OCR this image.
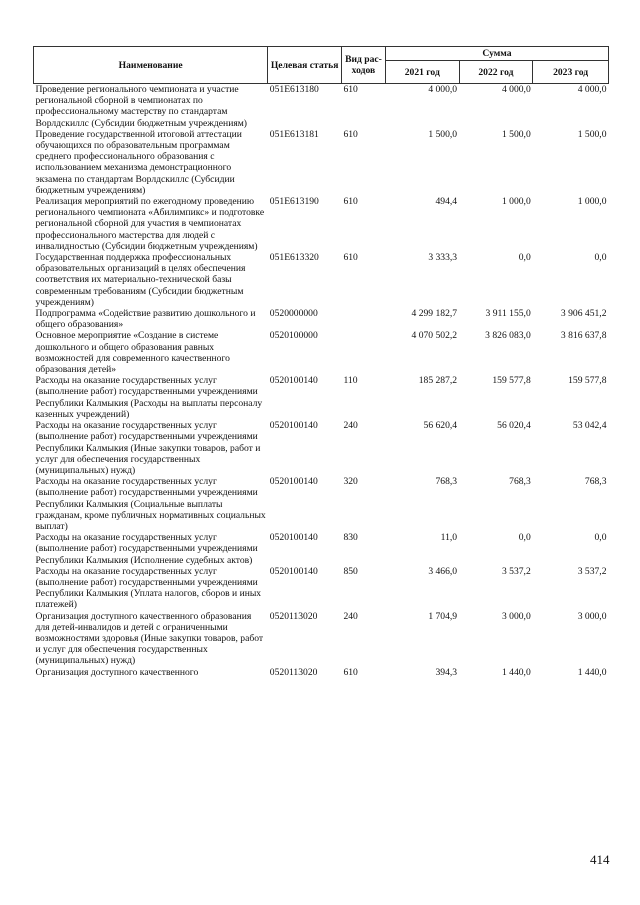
Наименование	Целевая статья	Вид рас-ходов	Сумма		
			2021 год	2022 год	2023 год
Проведение регионального чемпионата и участие региональной сборной в чемпионатах по профессиональному мастерству по стандартам Ворлдскиллс (Субсидии бюджетным учреждениям)	051E613180	610	4 000,0	4 000,0	4 000,0
Проведение государственной итоговой аттестации обучающихся по образовательным программам среднего профессионального образования с использованием механизма демонстрационного экзамена по стандартам Ворлдскиллс (Субсидии бюджетным учреждениям)	051E613181	610	1 500,0	1 500,0	1 500,0
Реализация мероприятий по ежегодному проведению регионального чемпионата «Абилимпикс» и подготовке региональной сборной для участия в чемпионатах профессионального мастерства для людей с инвалидностью (Субсидии бюджетным учреждениям)	051E613190	610	494,4	1 000,0	1 000,0
Государственная поддержка профессиональных образовательных организаций в целях обеспечения соответствия их материально-технической базы современным требованиям (Субсидии бюджетным учреждениям)	051E613320	610	3 333,3	0,0	0,0
Подпрограмма «Содействие развитию дошкольного и общего образования»	0520000000		4 299 182,7	3 911 155,0	3 906 451,2
Основное мероприятие «Создание в системе дошкольного и общего образования равных возможностей для современного качественного образования детей»	0520100000		4 070 502,2	3 826 083,0	3 816 637,8
Расходы на оказание государственных услуг (выполнение работ) государственными учреждениями Республики Калмыкия (Расходы на выплаты персоналу казенных учреждений)	0520100140	110	185 287,2	159 577,8	159 577,8
Расходы на оказание государственных услуг (выполнение работ) государственными учреждениями Республики Калмыкия (Иные закупки товаров, работ и услуг для обеспечения государственных (муниципальных) нужд)	0520100140	240	56 620,4	56 020,4	53 042,4
Расходы на оказание государственных услуг (выполнение работ) государственными учреждениями Республики Калмыкия (Социальные выплаты гражданам, кроме публичных нормативных социальных выплат)	0520100140	320	768,3	768,3	768,3
Расходы на оказание государственных услуг (выполнение работ) государственными учреждениями Республики Калмыкия (Исполнение судебных актов)	0520100140	830	11,0	0,0	0,0
Расходы на оказание государственных услуг (выполнение работ) государственными учреждениями Республики Калмыкия (Уплата налогов, сборов и иных платежей)	0520100140	850	3 466,0	3 537,2	3 537,2
Организация доступного качественного образования для детей-инвалидов и детей с ограниченными возможностями здоровья (Иные закупки товаров, работ и услуг для обеспечения государственных (муниципальных) нужд)	0520113020	240	1 704,9	3 000,0	3 000,0
Организация доступного качественного	0520113020	610	394,3	1 440,0	1 440,0
414
